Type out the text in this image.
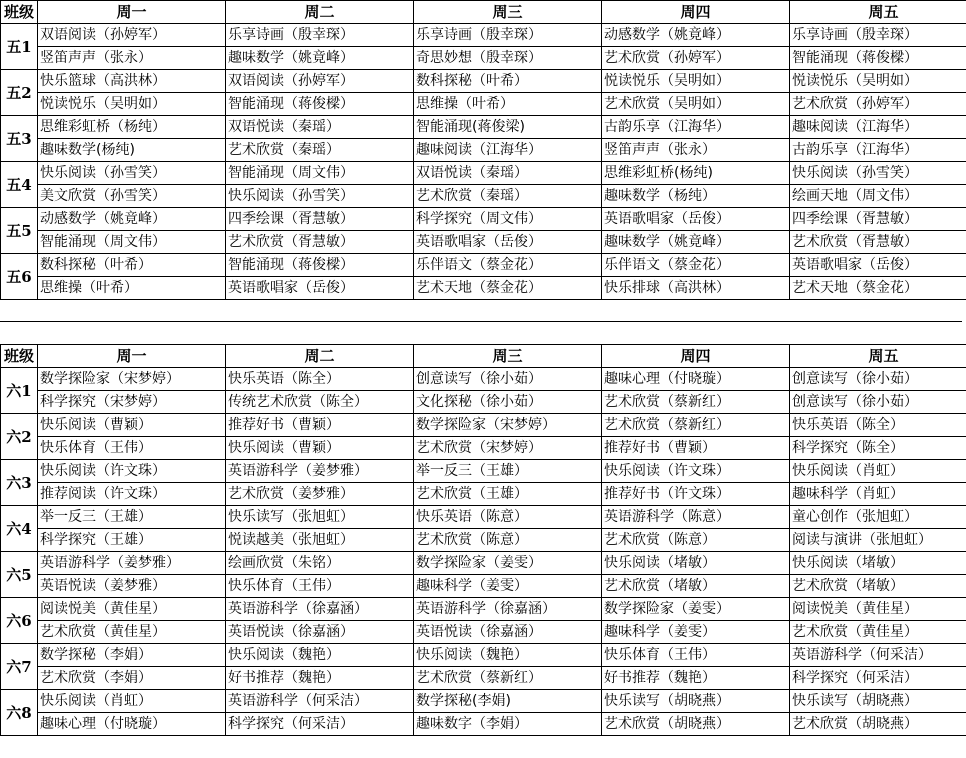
班级	周一	周二	周三	周四	周五
五1	双语阅读（孙婷军）	乐享诗画（殷幸琛）	乐享诗画（殷幸琛）	动感数学（姚竟峰）	乐享诗画（殷幸琛）
	竖笛声声（张永）	趣味数学（姚竟峰）	奇思妙想（殷幸琛）	艺术欣赏（孙婷军）	智能涌现（蒋俊樑）
五2	快乐篮球（高洪林）	双语阅读（孙婷军）	数科探秘（叶希）	悦读悦乐（吴明如）	悦读悦乐（吴明如）
	悦读悦乐（吴明如）	智能涌现（蒋俊樑）	思维操（叶希）	艺术欣赏（吴明如）	艺术欣赏（孙婷军）
五3	思维彩虹桥（杨纯）	双语悦读（秦瑶）	智能涌现(蒋俊梁)	古韵乐享（江海华）	趣味阅读（江海华）
	趣味数学(杨纯)	艺术欣赏（秦瑶）	趣味阅读（江海华）	竖笛声声（张永）	古韵乐享（江海华）
五4	快乐阅读（孙雪笑）	智能涌现（周文伟）	双语悦读（秦瑶）	思维彩虹桥(杨纯)	快乐阅读（孙雪笑）
	美文欣赏（孙雪笑）	快乐阅读（孙雪笑）	艺术欣赏（秦瑶）	趣味数学（杨纯）	绘画天地（周文伟）
五5	动感数学（姚竟峰）	四季绘课（胥慧敏）	科学探究（周文伟）	英语歌唱家（岳俊）	四季绘课（胥慧敏）
	智能涌现（周文伟）	艺术欣赏（胥慧敏）	英语歌唱家（岳俊）	趣味数学（姚竟峰）	艺术欣赏（胥慧敏）
五6	数科探秘（叶希）	智能涌现（蒋俊樑）	乐伴语文（蔡金花）	乐伴语文（蔡金花）	英语歌唱家（岳俊）
	思维操（叶希）	英语歌唱家（岳俊）	艺术天地（蔡金花）	快乐排球（高洪林）	艺术天地（蔡金花）
班级	周一	周二	周三	周四	周五
六1	数学探险家（宋梦婷）	快乐英语（陈全）	创意读写（徐小茹）	趣味心理（付晓璇）	创意读写（徐小茹）
	科学探究（宋梦婷）	传统艺术欣赏（陈全）	文化探秘（徐小茹）	艺术欣赏（蔡新红）	创意读写（徐小茹）
六2	快乐阅读（曹颖）	推荐好书（曹颖）	数学探险家（宋梦婷）	艺术欣赏（蔡新红）	快乐英语（陈全）
	快乐体育（王伟）	快乐阅读（曹颖）	艺术欣赏（宋梦婷）	推荐好书（曹颖）	科学探究（陈全）
六3	快乐阅读（许文珠）	英语游科学（姜梦雅）	举一反三（王雄）	快乐阅读（许文珠）	快乐阅读（肖虹）
	推荐阅读（许文珠）	艺术欣赏（姜梦雅）	艺术欣赏（王雄）	推荐好书（许文珠）	趣味科学（肖虹）
六4	举一反三（王雄）	快乐读写（张旭虹）	快乐英语（陈意）	英语游科学（陈意）	童心创作（张旭虹）
	科学探究（王雄）	悦读越美（张旭虹）	艺术欣赏（陈意）	艺术欣赏（陈意）	阅读与演讲（张旭虹）
六5	英语游科学（姜梦雅）	绘画欣赏（朱铭）	数学探险家（姜雯）	快乐阅读（堵敏）	快乐阅读（堵敏）
	英语悦读（姜梦雅）	快乐体育（王伟）	趣味科学（姜雯）	艺术欣赏（堵敏）	艺术欣赏（堵敏）
六6	阅读悦美（黄佳星）	英语游科学（徐嘉涵）	英语游科学（徐嘉涵）	数学探险家（姜雯）	阅读悦美（黄佳星）
	艺术欣赏（黄佳星）	英语悦读（徐嘉涵）	英语悦读（徐嘉涵）	趣味科学（姜雯）	艺术欣赏（黄佳星）
六7	数学探秘（李娟）	快乐阅读（魏艳）	快乐阅读（魏艳）	快乐体育（王伟）	英语游科学（何采洁）
	艺术欣赏（李娟）	好书推荐（魏艳）	艺术欣赏（蔡新红）	好书推荐（魏艳）	科学探究（何采洁）
六8	快乐阅读（肖虹）	英语游科学（何采洁）	数学探秘(李娟)	快乐读写（胡晓燕）	快乐读写（胡晓燕）
	趣味心理（付晓璇）	科学探究（何采洁）	趣味数字（李娟）	艺术欣赏（胡晓燕）	艺术欣赏（胡晓燕）
